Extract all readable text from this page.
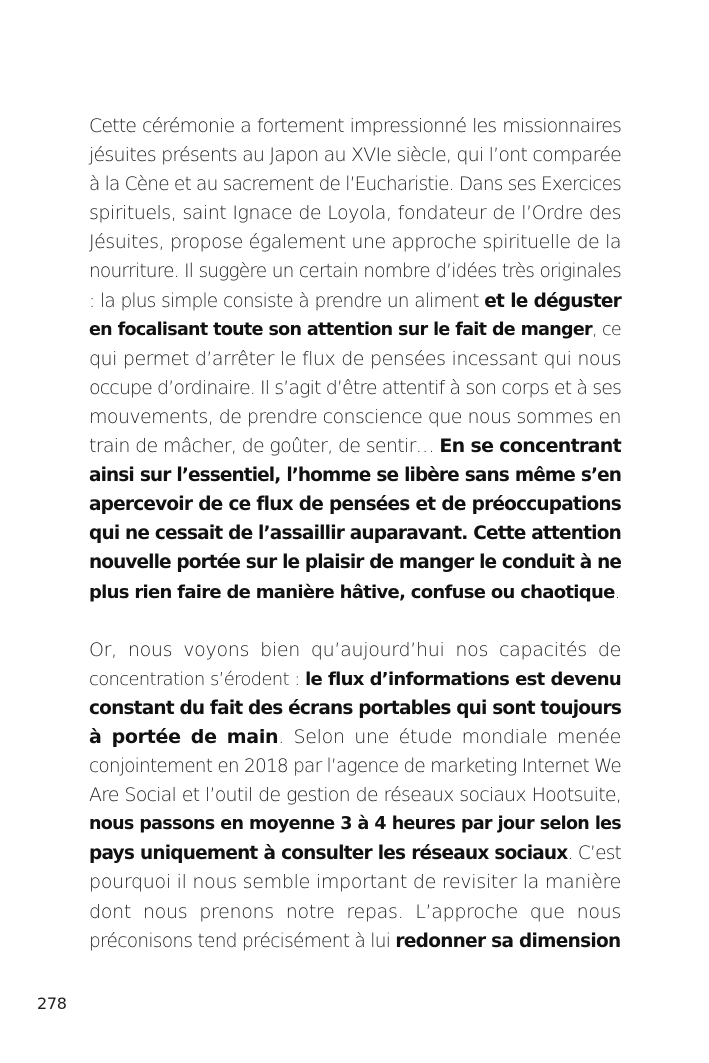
Cette cérémonie a fortement impressionné les missionnaires
jésuites présents au Japon au XVIe siècle, qui l’ont comparée
à la Cène et au sacrement de l’Eucharistie. Dans ses Exercices
spirituels, saint Ignace de Loyola, fondateur de l’Ordre des
Jésuites, propose également une approche spirituelle de la
nourriture. Il suggère un certain nombre d’idées très originales
: la plus simple consiste à prendre un aliment et le déguster
en focalisant toute son attention sur le fait de manger, ce
qui permet d’arrêter le flux de pensées incessant qui nous
occupe d’ordinaire. Il s’agit d’être attentif à son corps et à ses
mouvements, de prendre conscience que nous sommes en
train de mâcher, de goûter, de sentir… En se concentrant
ainsi sur l’essentiel, l’homme se libère sans même s’en
apercevoir de ce flux de pensées et de préoccupations
qui ne cessait de l’assaillir auparavant. Cette attention
nouvelle portée sur le plaisir de manger le conduit à ne
plus rien faire de manière hâtive, confuse ou chaotique.
Or, nous voyons bien qu’aujourd’hui nos capacités de
concentration s’érodent : le flux d’informations est devenu
constant du fait des écrans portables qui sont toujours
à portée de main. Selon une étude mondiale menée
conjointement en 2018 par l’agence de marketing Internet We
Are Social et l’outil de gestion de réseaux sociaux Hootsuite,
nous passons en moyenne 3 à 4 heures par jour selon les
pays uniquement à consulter les réseaux sociaux. C’est
pourquoi il nous semble important de revisiter la manière
dont nous prenons notre repas. L’approche que nous
préconisons tend précisément à lui redonner sa dimension
278
